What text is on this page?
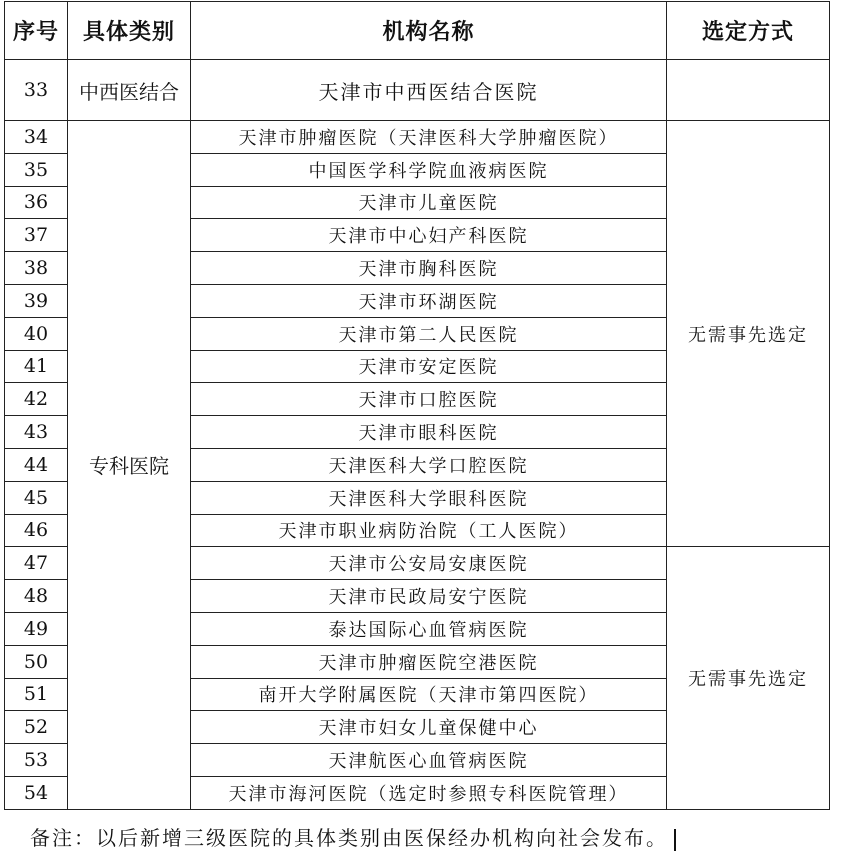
序号	具体类别	机构名称	选定方式
33	中西医结合	天津市中西医结合医院	
34	专科医院	天津市肿瘤医院（天津医科大学肿瘤医院）	无需事先选定
35		中国医学科学院血液病医院	
36		天津市儿童医院	
37		天津市中心妇产科医院	
38		天津市胸科医院	
39		天津市环湖医院	
40		天津市第二人民医院	
41		天津市安定医院	
42		天津市口腔医院	
43		天津市眼科医院	
44		天津医科大学口腔医院	
45		天津医科大学眼科医院	
46		天津市职业病防治院（工人医院）	
47		天津市公安局安康医院	无需事先选定
48		天津市民政局安宁医院	
49		泰达国际心血管病医院	
50		天津市肿瘤医院空港医院	
51		南开大学附属医院（天津市第四医院）	
52		天津市妇女儿童保健中心	
53		天津航医心血管病医院	
54		天津市海河医院（选定时参照专科医院管理）	
备注：以后新增三级医院的具体类别由医保经办机构向社会发布。
